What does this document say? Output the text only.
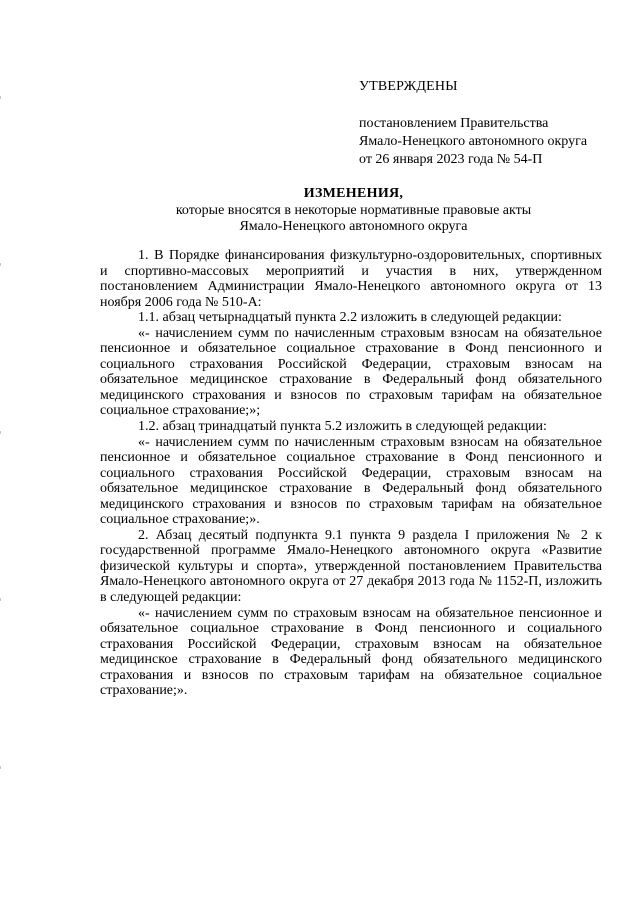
УТВЕРЖДЕНЫ
постановлением Правительства
Ямало-Ненецкого автономного округа
от 26 января 2023 года № 54-П
ИЗМЕНЕНИЯ,
которые вносятся в некоторые нормативные правовые акты
Ямало-Ненецкого автономного округа

1. В Порядке финансирования физкультурно-оздоровительных, спортивных и спортивно-массовых мероприятий и участия в них, утвержденном постановлением Администрации Ямало-Ненецкого автономного округа от 13 ноября 2006 года № 510-А:

1.1. абзац четырнадцатый пункта 2.2 изложить в следующей редакции:

«- начислением сумм по начисленным страховым взносам на обязательное пенсионное и обязательное социальное страхование в Фонд пенсионного и социального страхования Российской Федерации, страховым взносам на обязательное медицинское страхование в Федеральный фонд обязательного медицинского страхования и взносов по страховым тарифам на обязательное социальное страхование;»;

1.2. абзац тринадцатый пункта 5.2 изложить в следующей редакции:

«- начислением сумм по начисленным страховым взносам на обязательное пенсионное и обязательное социальное страхование в Фонд пенсионного и социального страхования Российской Федерации, страховым взносам на обязательное медицинское страхование в Федеральный фонд обязательного медицинского страхования и взносов по страховым тарифам на обязательное социальное страхование;».

2. Абзац десятый подпункта 9.1 пункта 9 раздела I приложения № 2 к государственной программе Ямало-Ненецкого автономного округа «Развитие физической культуры и спорта», утвержденной постановлением Правительства Ямало-Ненецкого автономного округа от 27 декабря 2013 года № 1152-П, изложить в следующей редакции:

«- начислением сумм по страховым взносам на обязательное пенсионное и обязательное социальное страхование в Фонд пенсионного и социального страхования Российской Федерации, страховым взносам на обязательное медицинское страхование в Федеральный фонд обязательного медицинского страхования и взносов по страховым тарифам на обязательное социальное страхование;».
